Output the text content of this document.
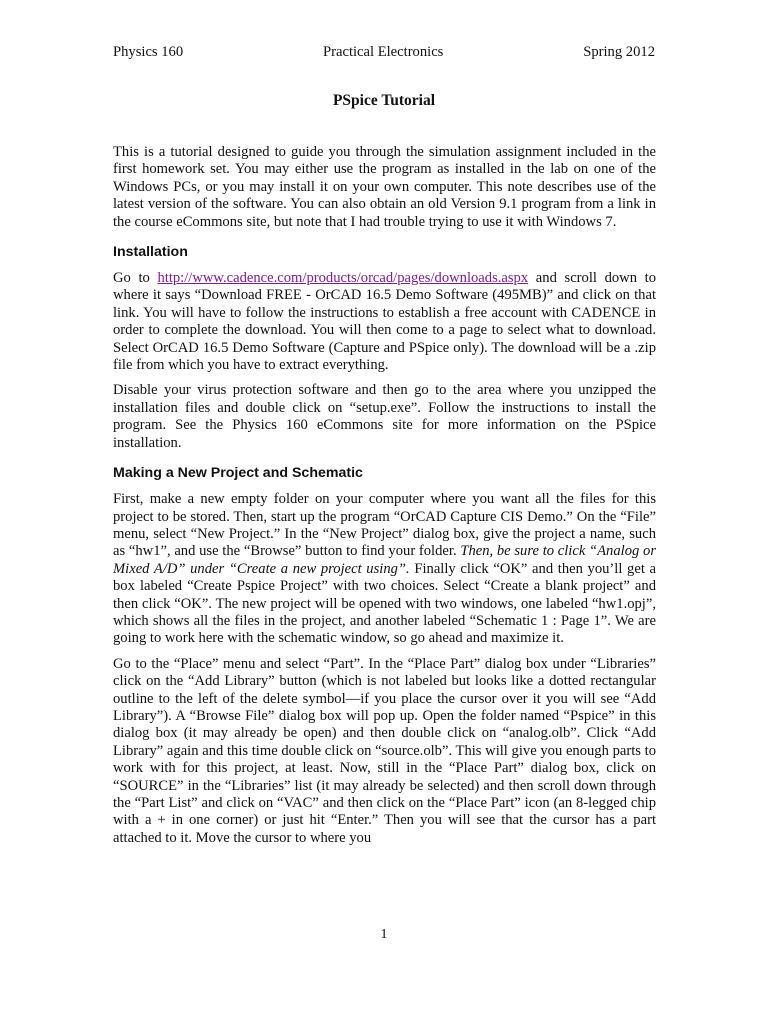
Physics 160	Practical Electronics	Spring 2012
PSpice Tutorial

This is a tutorial designed to guide you through the simulation assignment included in the first homework set. You may either use the program as installed in the lab on one of the Windows PCs, or you may install it on your own computer. This note describes use of the latest version of the software. You can also obtain an old Version 9.1 program from a link in the course eCommons site, but note that I had trouble trying to use it with Windows 7.

Installation

Go to http://www.cadence.com/products/orcad/pages/downloads.aspx and scroll down to where it says “Download FREE - OrCAD 16.5 Demo Software (495MB)” and click on that link. You will have to follow the instructions to establish a free account with CADENCE in order to complete the download. You will then come to a page to select what to download. Select OrCAD 16.5 Demo Software (Capture and PSpice only). The download will be a .zip file from which you have to extract everything.

Disable your virus protection software and then go to the area where you unzipped the installation files and double click on “setup.exe”. Follow the instructions to install the program. See the Physics 160 eCommons site for more information on the PSpice installation.

Making a New Project and Schematic

First, make a new empty folder on your computer where you want all the files for this project to be stored. Then, start up the program “OrCAD Capture CIS Demo.” On the “File” menu, select “New Project.” In the “New Project” dialog box, give the project a name, such as “hw1”, and use the “Browse” button to find your folder. Then, be sure to click “Analog or Mixed A/D” under “Create a new project using”. Finally click “OK” and then you’ll get a box labeled “Create Pspice Project” with two choices. Select “Create a blank project” and then click “OK”. The new project will be opened with two windows, one labeled “hw1.opj”, which shows all the files in the project, and another labeled “Schematic 1 : Page 1”. We are going to work here with the schematic window, so go ahead and maximize it.

Go to the “Place” menu and select “Part”. In the “Place Part” dialog box under “Libraries” click on the “Add Library” button (which is not labeled but looks like a dotted rectangular outline to the left of the delete symbol—if you place the cursor over it you will see “Add Library”). A “Browse File” dialog box will pop up. Open the folder named “Pspice” in this dialog box (it may already be open) and then double click on “analog.olb”. Click “Add Library” again and this time double click on “source.olb”. This will give you enough parts to work with for this project, at least. Now, still in the “Place Part” dialog box, click on “SOURCE” in the “Libraries” list (it may already be selected) and then scroll down through the “Part List” and click on “VAC” and then click on the “Place Part” icon (an 8-legged chip with a + in one corner) or just hit “Enter.” Then you will see that the cursor has a part attached to it. Move the cursor to where you

1
